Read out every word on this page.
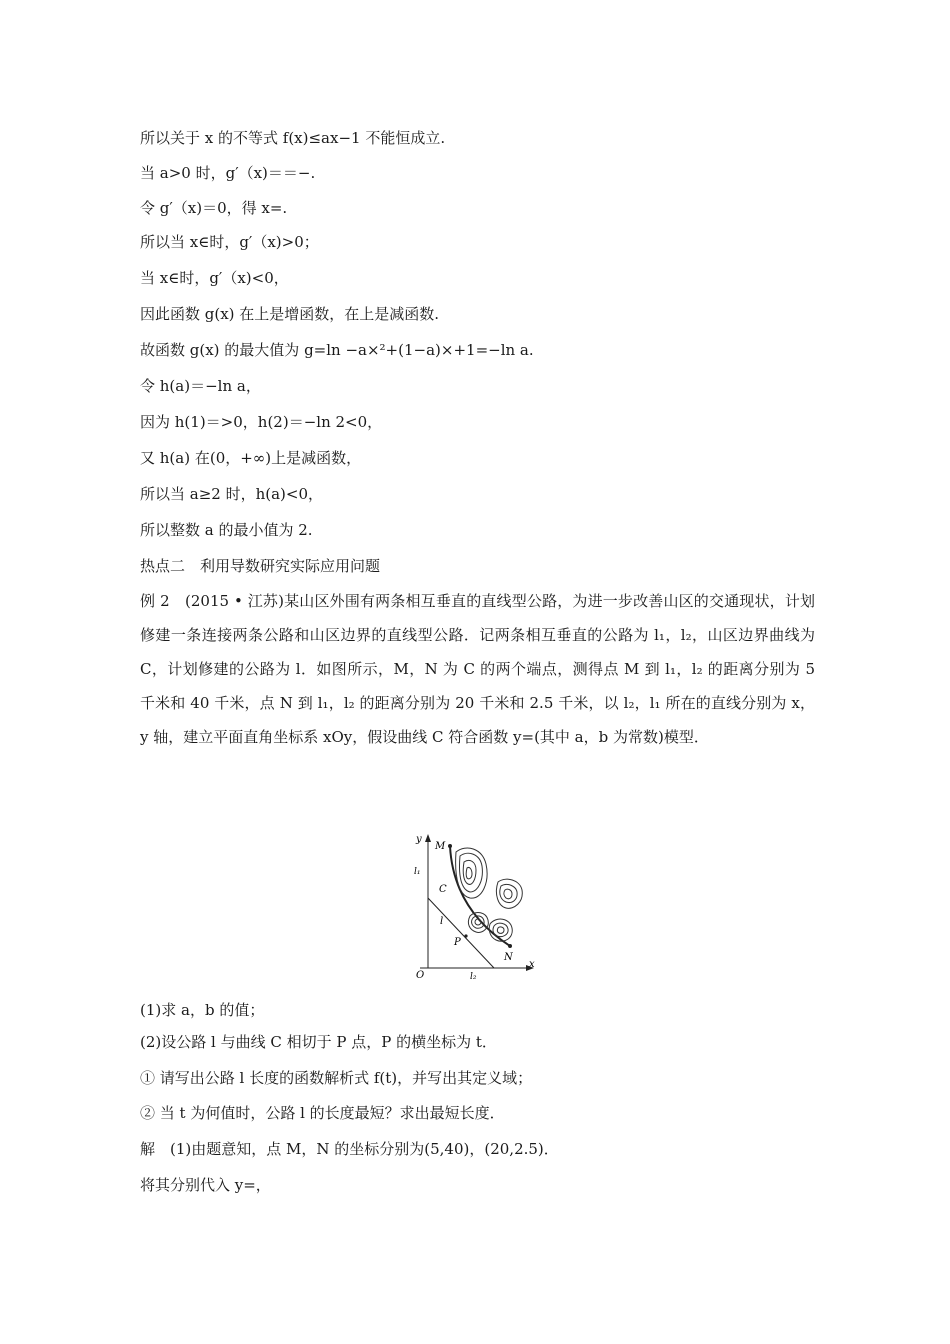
所以关于 x 的不等式 f(x)≤ax−1 不能恒成立.
当 a>0 时，g′（x)＝＝−.
令 g′（x)＝0，得 x=.
所以当 x∈时，g′（x)>0；
当 x∈时，g′（x)<0，
因此函数 g(x) 在上是增函数，在上是减函数.
故函数 g(x) 的最大值为 g=ln −a×²+(1−a)×+1=−ln a.
令 h(a)＝−ln a，
因为 h(1)＝>0，h(2)＝−ln 2<0，
又 h(a) 在(0，+∞)上是减函数，
所以当 a≥2 时，h(a)<0，
所以整数 a 的最小值为 2.
热点二　利用导数研究实际应用问题
例 2　(2015 • 江苏)某山区外围有两条相互垂直的直线型公路，为进一步改善山区的交通现状，计划修建一条连接两条公路和山区边界的直线型公路．记两条相互垂直的公路为 l₁，l₂，山区边界曲线为 C，计划修建的公路为 l．如图所示，M，N 为 C 的两个端点，测得点 M 到 l₁，l₂ 的距离分别为 5 千米和 40 千米，点 N 到 l₁，l₂ 的距离分别为 20 千米和 2.5 千米，以 l₂，l₁ 所在的直线分别为 x，y 轴，建立平面直角坐标系 xOy，假设曲线 C 符合函数 y=(其中 a，b 为常数)模型．
y
x
O
M
N
C
l
P
l₁
l₂
(1)求 a，b 的值；
(2)设公路 l 与曲线 C 相切于 P 点，P 的横坐标为 t．
① 请写出公路 l 长度的函数解析式 f(t)，并写出其定义域；
② 当 t 为何值时，公路 l 的长度最短？求出最短长度．
解　(1)由题意知，点 M，N 的坐标分别为(5,40)，(20,2.5)．
将其分别代入 y=，
